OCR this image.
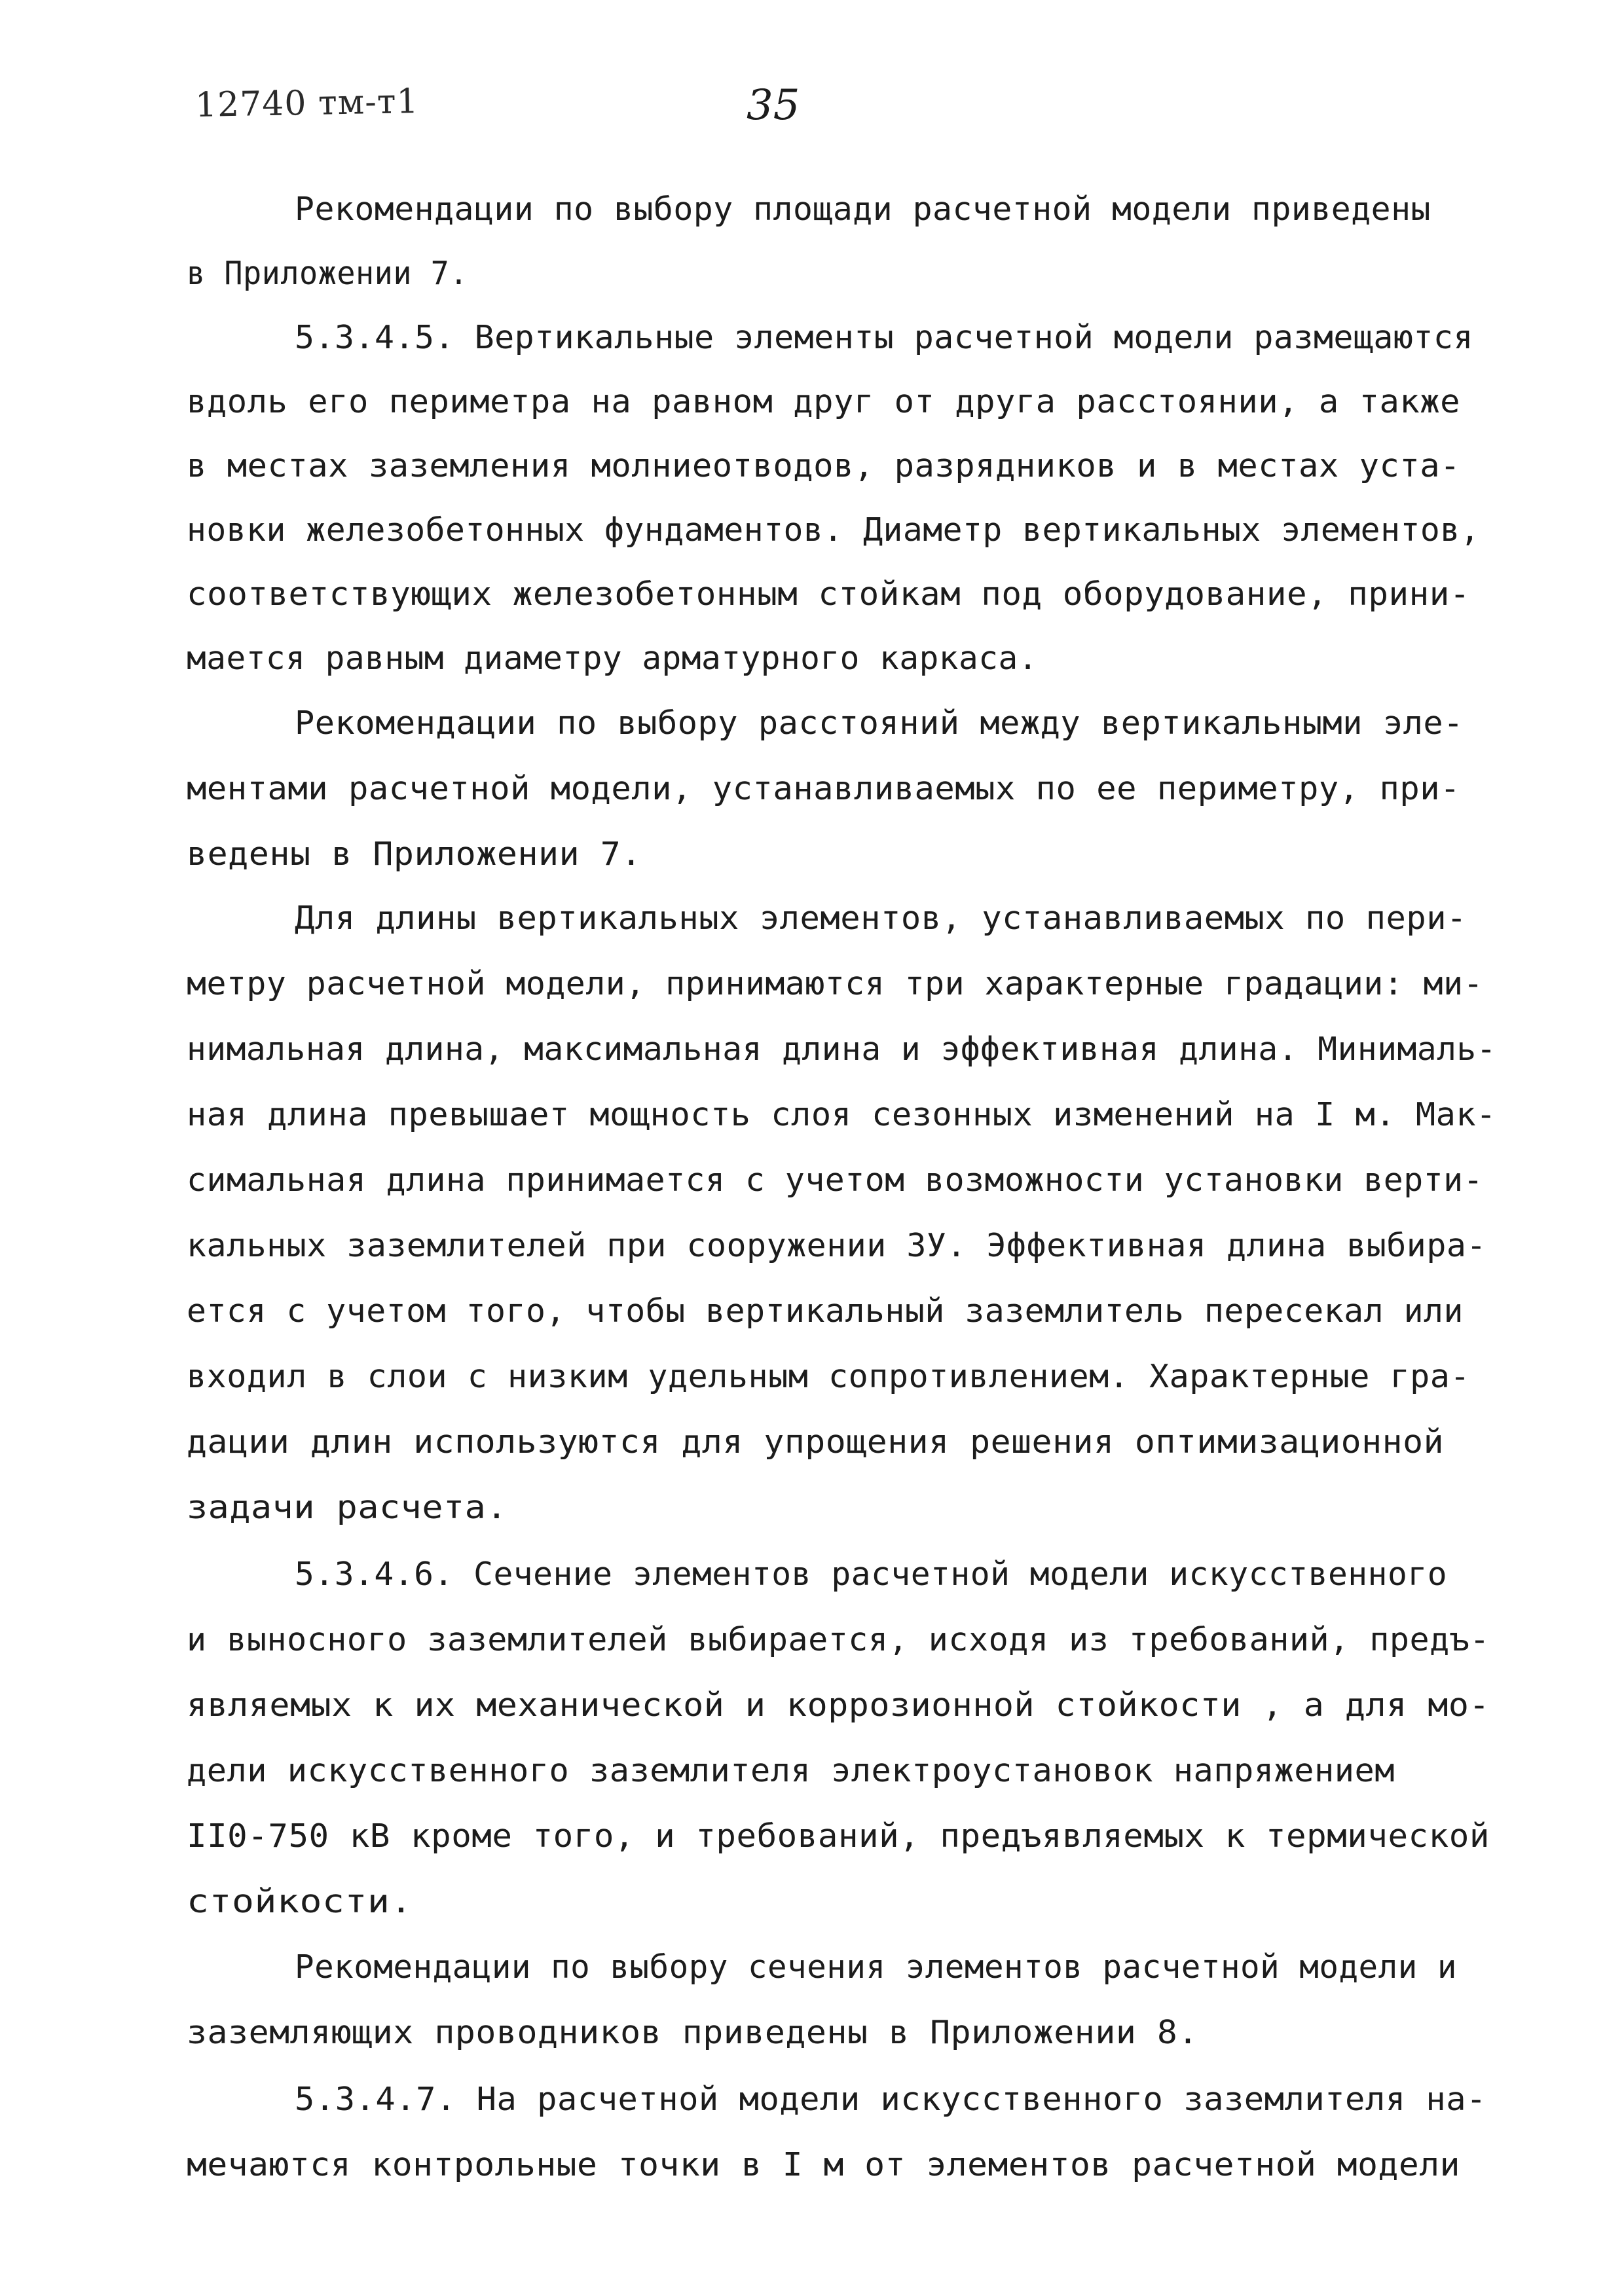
12740 тм-т1	35
Рекомендации по выбору площади расчетной модели приведены
в Приложении 7.
5.3.4.5. Вертикальные элементы расчетной модели размещаются
вдоль его периметра на равном друг от друга расстоянии, а также
в местах заземления молниеотводов, разрядников и в местах уста-
новки железобетонных фундаментов. Диаметр вертикальных элементов,
соответствующих железобетонным стойкам под оборудование, прини-
мается равным диаметру арматурного каркаса.
Рекомендации по выбору расстояний между вертикальными эле-
ментами расчетной модели, устанавливаемых по ее периметру, при-
ведены в Приложении 7.
Для длины вертикальных элементов, устанавливаемых по пери-
метру расчетной модели, принимаются три характерные градации: ми-
нимальная длина, максимальная длина и эффективная длина. Минималь-
ная длина превышает мощность слоя сезонных изменений на I м. Мак-
симальная длина принимается с учетом возможности установки верти-
кальных заземлителей при сооружении ЗУ. Эффективная длина выбира-
ется с учетом того, чтобы вертикальный заземлитель пересекал или
входил в слои с низким удельным сопротивлением. Характерные гра-
дации длин используются для упрощения решения оптимизационной
задачи расчета.
5.3.4.6. Сечение элементов расчетной модели искусственного
и выносного заземлителей выбирается, исходя из требований, предъ-
являемых к их механической и коррозионной стойкости , а для мо-
дели искусственного заземлителя электроустановок напряжением
II0-750 кВ кроме того, и требований, предъявляемых к термической
стойкости.
Рекомендации по выбору сечения элементов расчетной модели и
заземляющих проводников приведены в Приложении 8.
5.3.4.7. На расчетной модели искусственного заземлителя на-
мечаются контрольные точки в I м от элементов расчетной модели
